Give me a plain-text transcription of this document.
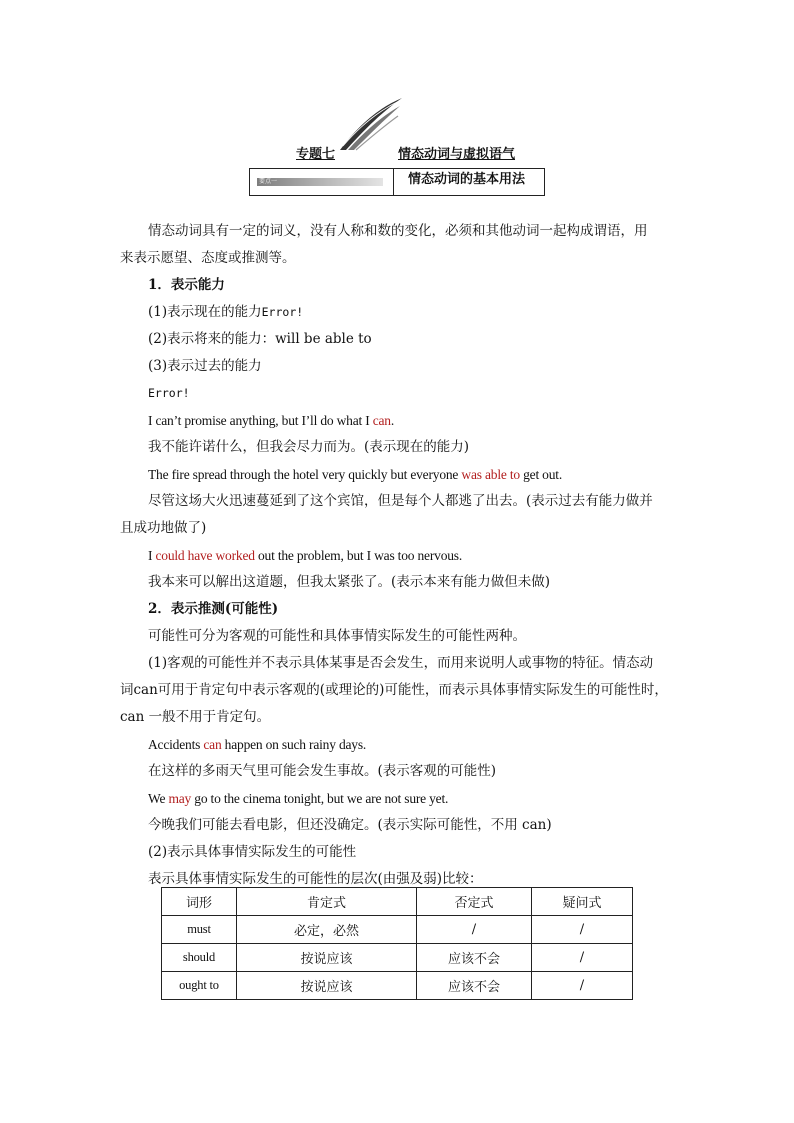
专题七	情态动词与虚拟语气
要点一	情态动词的基本用法

情态动词具有一定的词义，没有人称和数的变化，必须和其他动词一起构成谓语，用

来表示愿望、态度或推测等。

1．表示能力

(1)表示现在的能力Error!

(2)表示将来的能力：will be able to

(3)表示过去的能力

Error!

I can’t promise anything, but I’ll do what I can.

我不能许诺什么，但我会尽力而为。(表示现在的能力)

The fire spread through the hotel very quickly but everyone was able to get out.

尽管这场大火迅速蔓延到了这个宾馆，但是每个人都逃了出去。(表示过去有能力做并

且成功地做了)

I could have worked out the problem, but I was too nervous.

我本来可以解出这道题，但我太紧张了。(表示本来有能力做但未做)

2．表示推测(可能性)

可能性可分为客观的可能性和具体事情实际发生的可能性两种。

(1)客观的可能性并不表示具体某事是否会发生，而用来说明人或事物的特征。情态动

词can可用于肯定句中表示客观的(或理论的)可能性，而表示具体事情实际发生的可能性时，

can 一般不用于肯定句。

Accidents can happen on such rainy days.

在这样的多雨天气里可能会发生事故。(表示客观的可能性)

We may go to the cinema tonight, but we are not sure yet.

今晚我们可能去看电影，但还没确定。(表示实际可能性，不用 can)

(2)表示具体事情实际发生的可能性

表示具体事情实际发生的可能性的层次(由强及弱)比较：

词形	肯定式	否定式	疑问式
must	必定，必然	/	/
should	按说应该	应该不会	/
ought to	按说应该	应该不会	/
